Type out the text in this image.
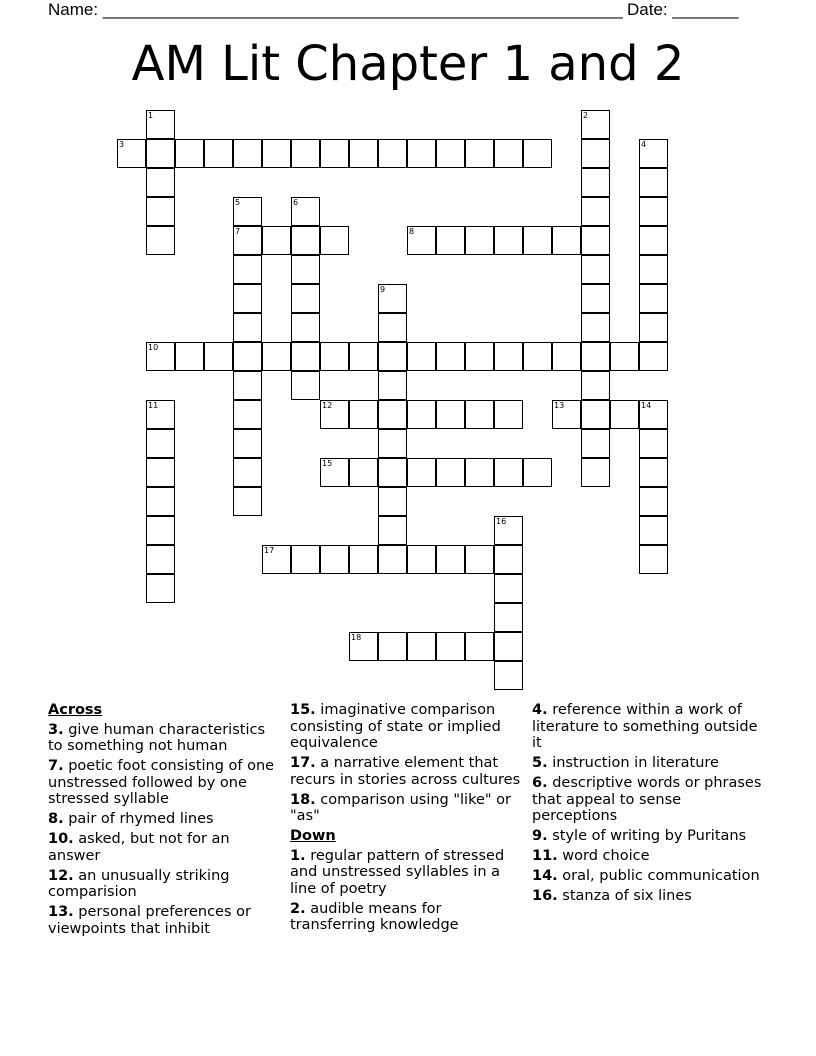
Name: _______________________________________________________ Date: _______
AM Lit Chapter 1 and 2
1	2
3	4
5
7
6
8
9
10
11	12	13	14
15
16
17
18
Across
3. give human characteristics to something not human
7. poetic foot consisting of one unstressed followed by one stressed syllable
8. pair of rhymed lines
10. asked, but not for an answer
12. an unusually striking comparision
13. personal preferences or viewpoints that inhibit
15. imaginative comparison consisting of state or implied equivalence
17. a narrative element that recurs in stories across cultures
18. comparison using "like" or "as"
Down
1. regular pattern of stressed and unstressed syllables in a line of poetry
2. audible means for transferring knowledge
4. reference within a work of literature to something outside it
5. instruction in literature
6. descriptive words or phrases that appeal to sense perceptions
9. style of writing by Puritans
11. word choice
14. oral, public communication
16. stanza of six lines
